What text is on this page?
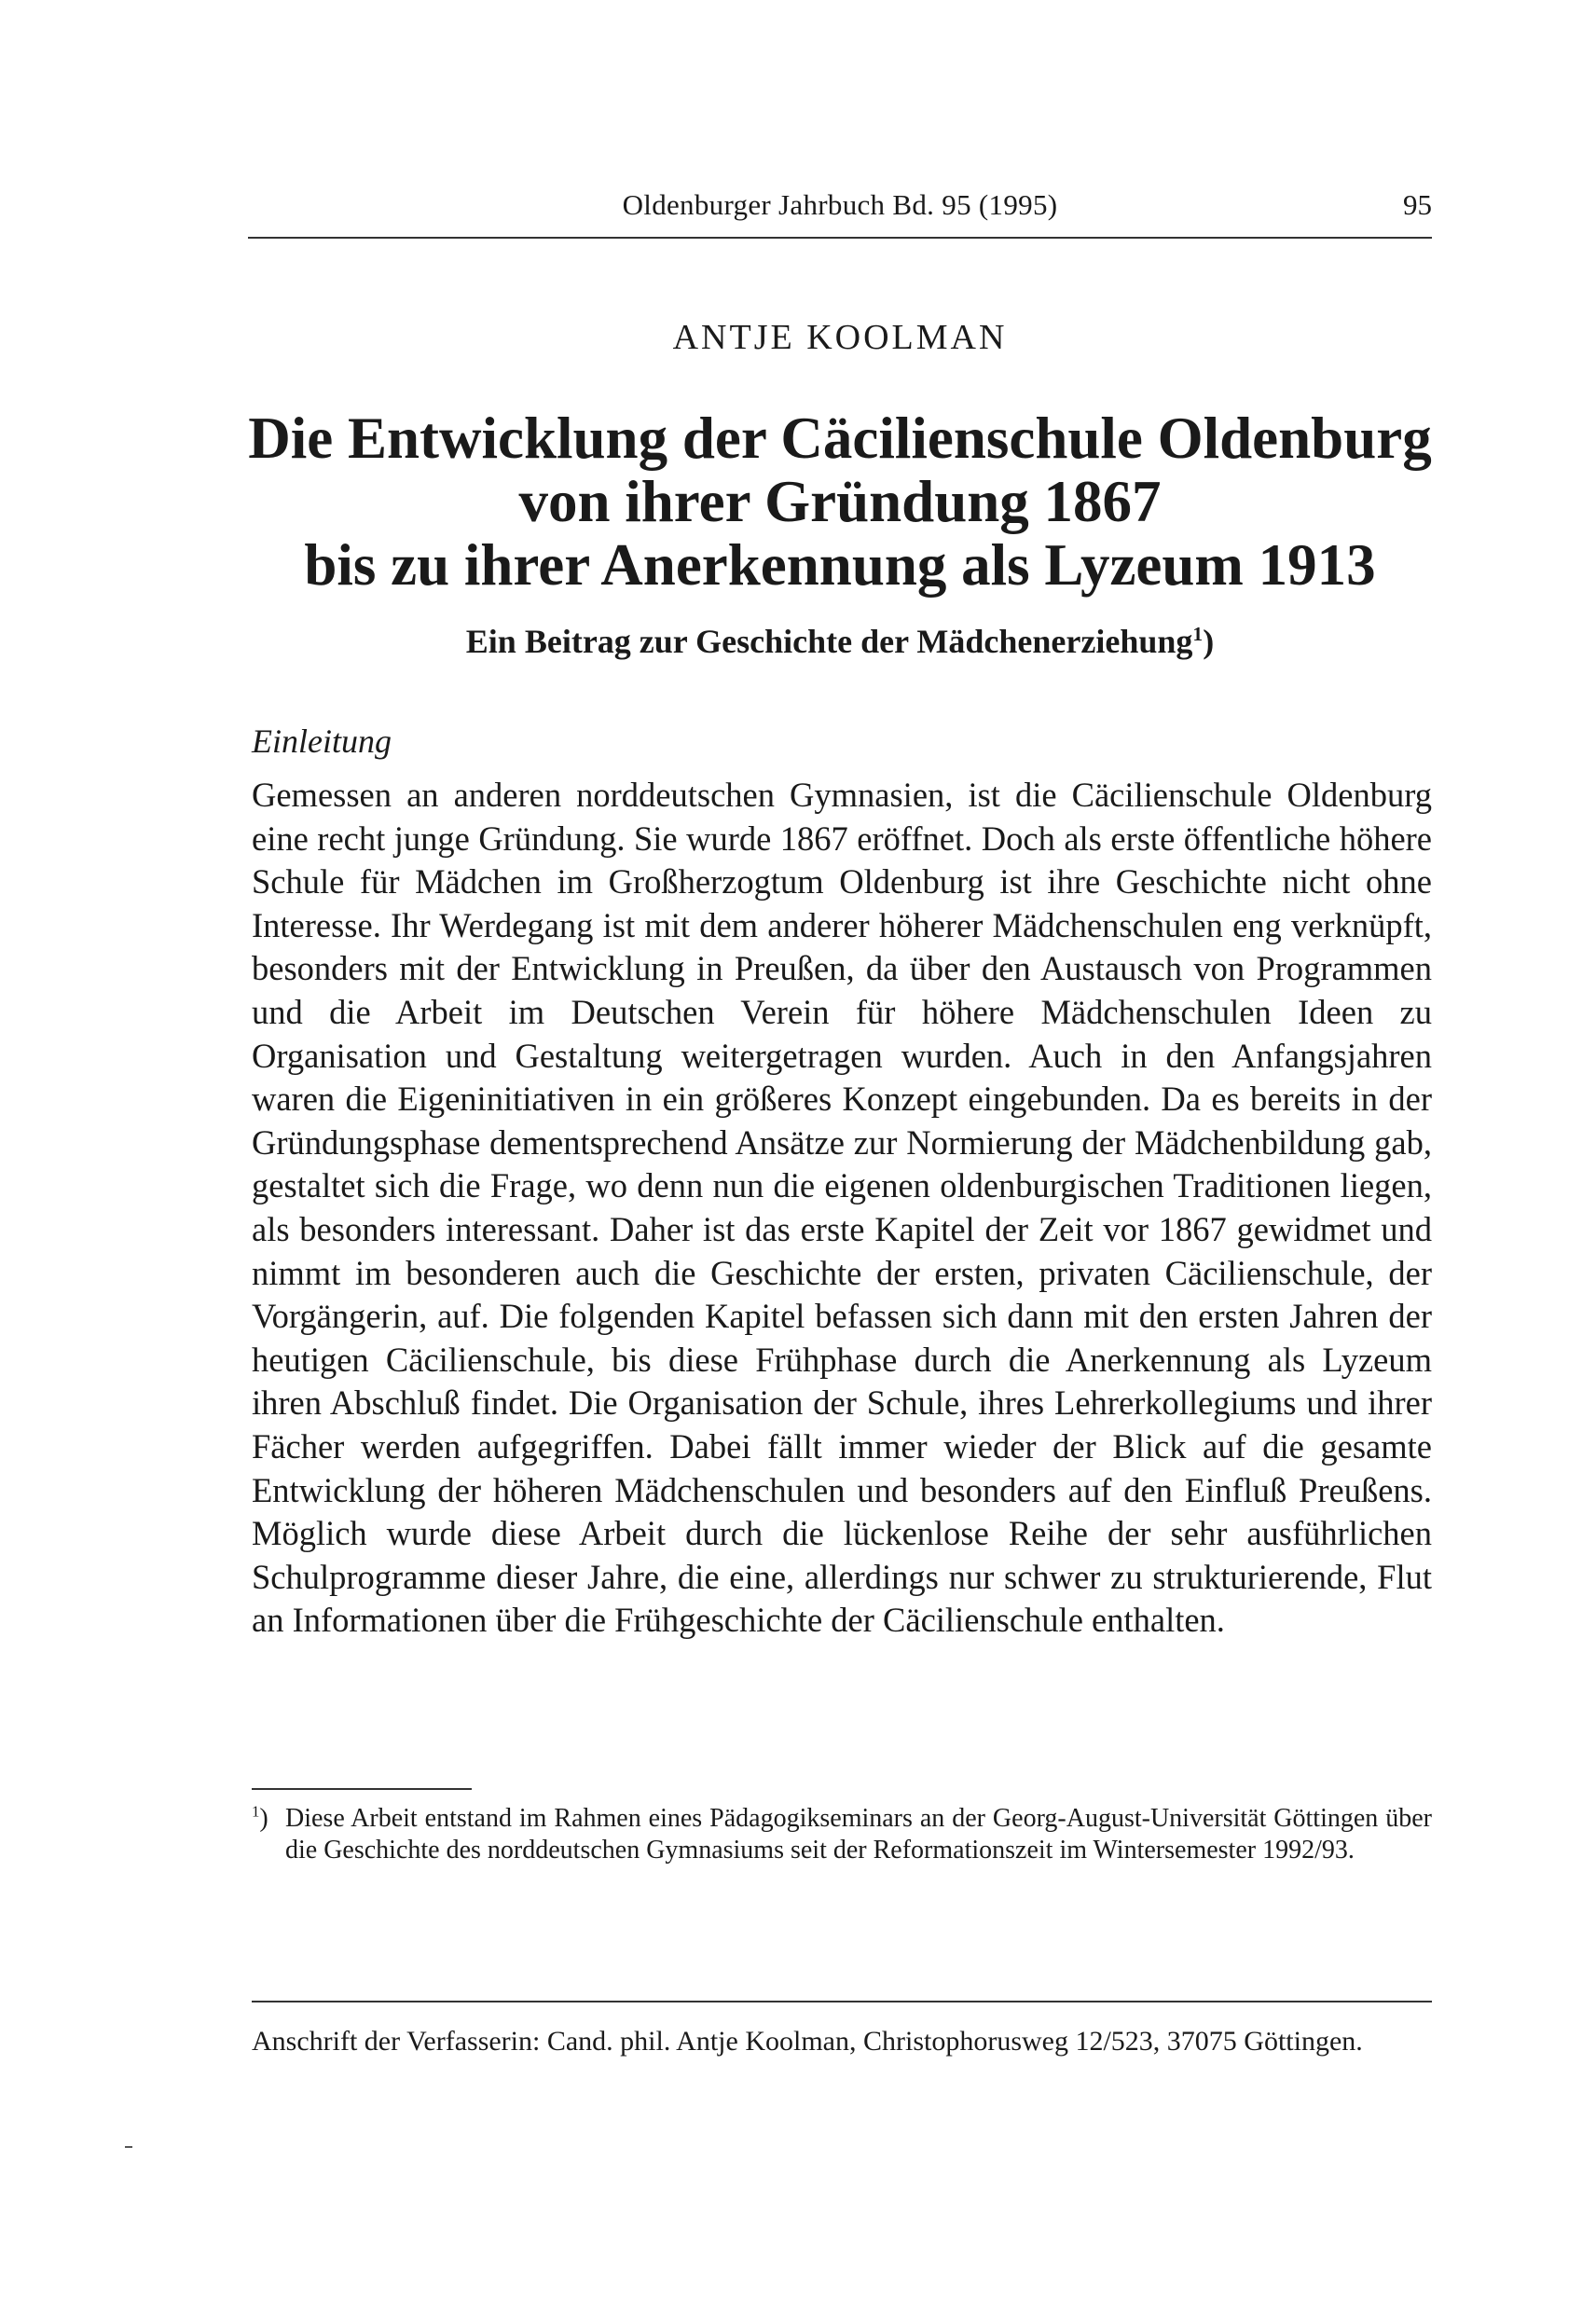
Oldenburger Jahrbuch Bd. 95 (1995)	95
ANTJE KOOLMAN
Die Entwicklung der Cäcilienschule Oldenburg
von ihrer Gründung 1867
bis zu ihrer Anerkennung als Lyzeum 1913
Ein Beitrag zur Geschichte der Mädchenerziehung$^1$)
Einleitung

Gemessen an anderen norddeutschen Gymnasien, ist die Cäcilienschule Oldenburg eine recht junge Gründung. Sie wurde 1867 eröffnet. Doch als erste öffentliche höhere Schule für Mädchen im Großherzogtum Oldenburg ist ihre Geschichte nicht ohne Interesse. Ihr Werdegang ist mit dem anderer höherer Mädchenschulen eng verknüpft, besonders mit der Entwicklung in Preußen, da über den Austausch von Programmen und die Arbeit im Deutschen Verein für höhere Mädchenschulen Ideen zu Organisation und Gestaltung weitergetragen wurden. Auch in den Anfangsjahren waren die Eigeninitiativen in ein größeres Konzept eingebunden. Da es bereits in der Gründungsphase dementsprechend Ansätze zur Normierung der Mädchenbildung gab, gestaltet sich die Frage, wo denn nun die eigenen oldenburgischen Traditionen liegen, als besonders interessant. Daher ist das erste Kapitel der Zeit vor 1867 gewidmet und nimmt im besonderen auch die Geschichte der ersten, privaten Cäcilienschule, der Vorgängerin, auf. Die folgenden Kapitel befassen sich dann mit den ersten Jahren der heutigen Cäcilienschule, bis diese Frühphase durch die Anerkennung als Lyzeum ihren Abschluß findet. Die Organisation der Schule, ihres Lehrerkollegiums und ihrer Fächer werden aufgegriffen. Dabei fällt immer wieder der Blick auf die gesamte Entwicklung der höheren Mädchenschulen und besonders auf den Einfluß Preußens. Möglich wurde diese Arbeit durch die lückenlose Reihe der sehr ausführlichen Schulprogramme dieser Jahre, die eine, allerdings nur schwer zu strukturierende, Flut an Informationen über die Frühgeschichte der Cäcilienschule enthalten.

$^1$) Diese Arbeit entstand im Rahmen eines Pädagogikseminars an der Georg-August-Universität Göttingen über die Geschichte des norddeutschen Gymnasiums seit der Reformationszeit im Wintersemester 1992/93.
Anschrift der Verfasserin: Cand. phil. Antje Koolman, Christophorusweg 12/523, 37075 Göttingen.
